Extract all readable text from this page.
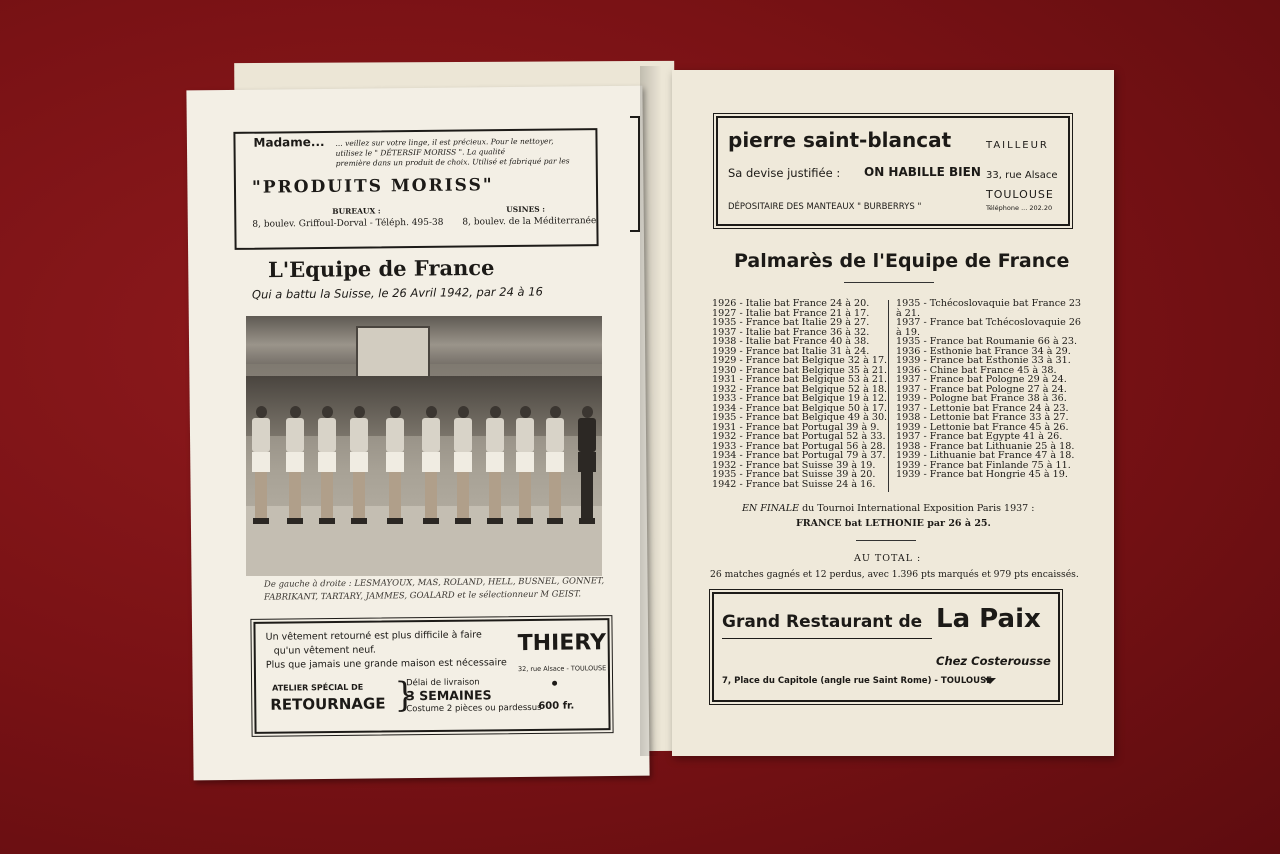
Madame... ... veillez sur votre linge, il est précieux. Pour le nettoyer,
utilisez le " DÉTERSIF MORISS ". La qualité
première dans un produit de choix. Utilisé et fabriqué par les
"PRODUITS MORISS"
BUREAUX :
8, boulev. Griffoul-Dorval - Téléph. 495-38
USINES :
8, boulev. de la Méditerranée
L'Equipe de France
Qui a battu la Suisse, le 26 Avril 1942, par 24 à 16
De gauche à droite : LESMAYOUX, MAS, ROLAND, HELL, BUSNEL, GONNET,
FABRIKANT, TARTARY, JAMMES, GOALARD et le sélectionneur M GEIST.
Un vêtement retourné est plus difficile à faire
qu'un vêtement neuf.
Plus que jamais une grande maison est nécessaire
THIERY
32, rue Alsace - TOULOUSE
ATELIER SPÉCIAL DE
RETOURNAGE }
Délai de livraison
3 SEMAINES
Costume 2 pièces ou pardessus
600 fr.
pierre saint-blancat	TAILLEUR
Sa devise justifiée : ON HABILLE BIEN 33, rue Alsace
TOULOUSE
DÉPOSITAIRE DES MANTEAUX " BURBERRYS "	Téléphone ... 202.20
Palmarès de l'Equipe de France
1926 - Italie bat France 24 à 20.
1927 - Italie bat France 21 à 17.
1935 - France bat Italie 29 à 27.
1937 - Italie bat France 36 à 32.
1938 - Italie bat France 40 à 38.
1939 - France bat Italie 31 à 24.
1929 - France bat Belgique 32 à 17.
1930 - France bat Belgique 35 à 21.
1931 - France bat Belgique 53 à 21.
1932 - France bat Belgique 52 à 18.
1933 - France bat Belgique 19 à 12.
1934 - France bat Belgique 50 à 17.
1935 - France bat Belgique 49 à 30.
1931 - France bat Portugal 39 à 9.
1932 - France bat Portugal 52 à 33.
1933 - France bat Portugal 56 à 28.
1934 - France bat Portugal 79 à 37.
1932 - France bat Suisse 39 à 19.
1935 - France bat Suisse 39 à 20.
1942 - France bat Suisse 24 à 16.
1935 - Tchécoslovaquie bat France 23
à 21.
1937 - France bat Tchécoslovaquie 26
à 19.
1935 - France bat Roumanie 66 à 23.
1936 - Esthonie bat France 34 à 29.
1939 - France bat Esthonie 33 à 31.
1936 - Chine bat France 45 à 38.
1937 - France bat Pologne 29 à 24.
1937 - France bat Pologne 27 à 24.
1939 - Pologne bat France 38 à 36.
1937 - Lettonie bat France 24 à 23.
1938 - Lettonie bat France 33 à 27.
1939 - Lettonie bat France 45 à 26.
1937 - France bat Egypte 41 à 26.
1938 - France bat Lithuanie 25 à 18.
1939 - Lithuanie bat France 47 à 18.
1939 - France bat Finlande 75 à 11.
1939 - France bat Hongrie 45 à 19.
EN FINALE du Tournoi International Exposition Paris 1937 :
FRANCE bat LETHONIE par 26 à 25.
AU TOTAL :
26 matches gagnés et 12 perdus, avec 1.396 pts marqués et 979 pts encaissés.
Grand Restaurant de La Paix
Chez Costerousse
7, Place du Capitole (angle rue Saint Rome) - TOULOUSE
